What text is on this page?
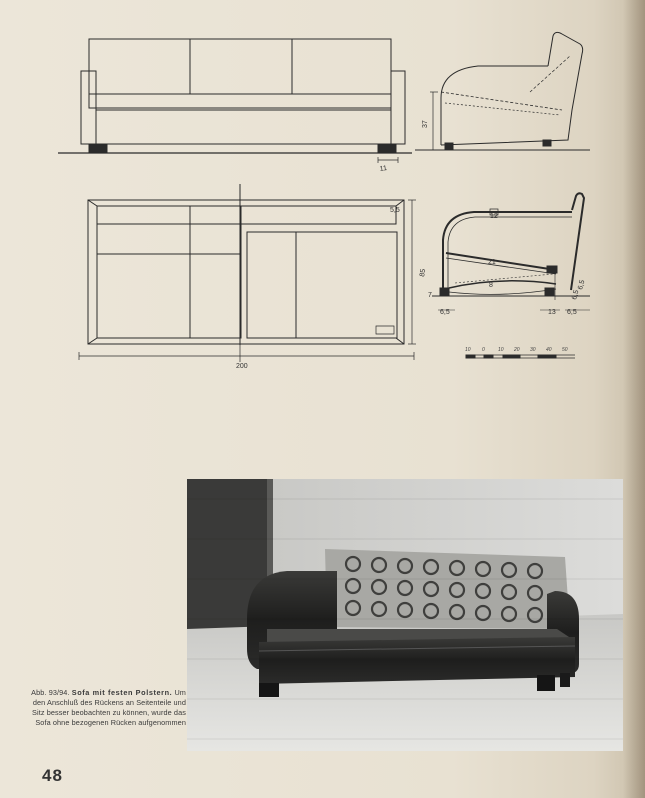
11
37
85
200
5,5
12
21
8
7
6,5
6,5
13 6,5
6,5
10 0	10 20 30 40 50
Abb. 93/94. Sofa mit festen Polstern. Um den Anschluß des Rückens an Seitenteile und Sitz besser beobachten zu können, wurde das Sofa ohne bezogenen Rücken aufgenommen
48
